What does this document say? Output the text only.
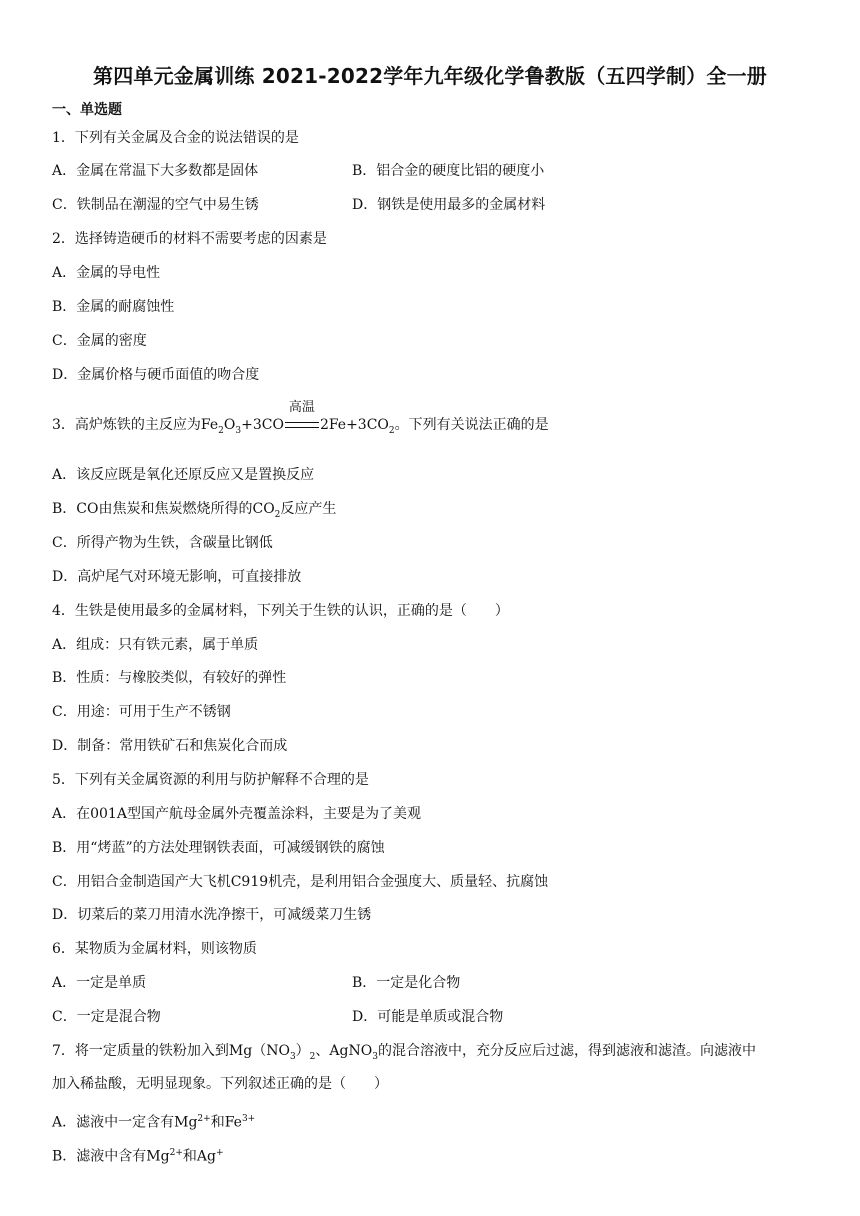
第四单元金属训练 2021-2022学年九年级化学鲁教版（五四学制）全一册
一、单选题
1．下列有关金属及合金的说法错误的是
A．金属在常温下大多数都是固体	B．铝合金的硬度比铝的硬度小
C．铁制品在潮湿的空气中易生锈	D．钢铁是使用最多的金属材料
2．选择铸造硬币的材料不需要考虑的因素是
A．金属的导电性
B．金属的耐腐蚀性
C．金属的密度
D．金属价格与硬币面值的吻合度
3．高炉炼铁的主反应为$Fe_2O_3+3CO$
高温
$2Fe+3CO_2$。下列有关说法正确的是
A．该反应既是氧化还原反应又是置换反应
B．CO由焦炭和焦炭燃烧所得的$CO_2$反应产生
C．所得产物为生铁，含碳量比钢低
D．高炉尾气对环境无影响，可直接排放
4．生铁是使用最多的金属材料，下列关于生铁的认识，正确的是（　　）
A．组成：只有铁元素，属于单质
B．性质：与橡胶类似，有较好的弹性
C．用途：可用于生产不锈钢
D．制备：常用铁矿石和焦炭化合而成
5．下列有关金属资源的利用与防护解释不合理的是
A．在001A型国产航母金属外壳覆盖涂料，主要是为了美观
B．用“烤蓝”的方法处理钢铁表面，可减缓钢铁的腐蚀
C．用铝合金制造国产大飞机C919机壳，是利用铝合金强度大、质量轻、抗腐蚀
D．切菜后的菜刀用清水洗净擦干，可减缓菜刀生锈
6．某物质为金属材料，则该物质
A．一定是单质	B．一定是化合物
C．一定是混合物	D．可能是单质或混合物
7．将一定质量的铁粉加入到$Mg(NO_3)_2$、AgNO$_3$的混合溶液中，充分反应后过滤，得到滤液和滤渣。向滤液中
加入稀盐酸，无明显现象。下列叙述正确的是（　　）
A．滤液中一定含有$Mg^{2+}$和$Fe^{3+}$
B．滤液中含有$Mg^{2+}$和Ag+
